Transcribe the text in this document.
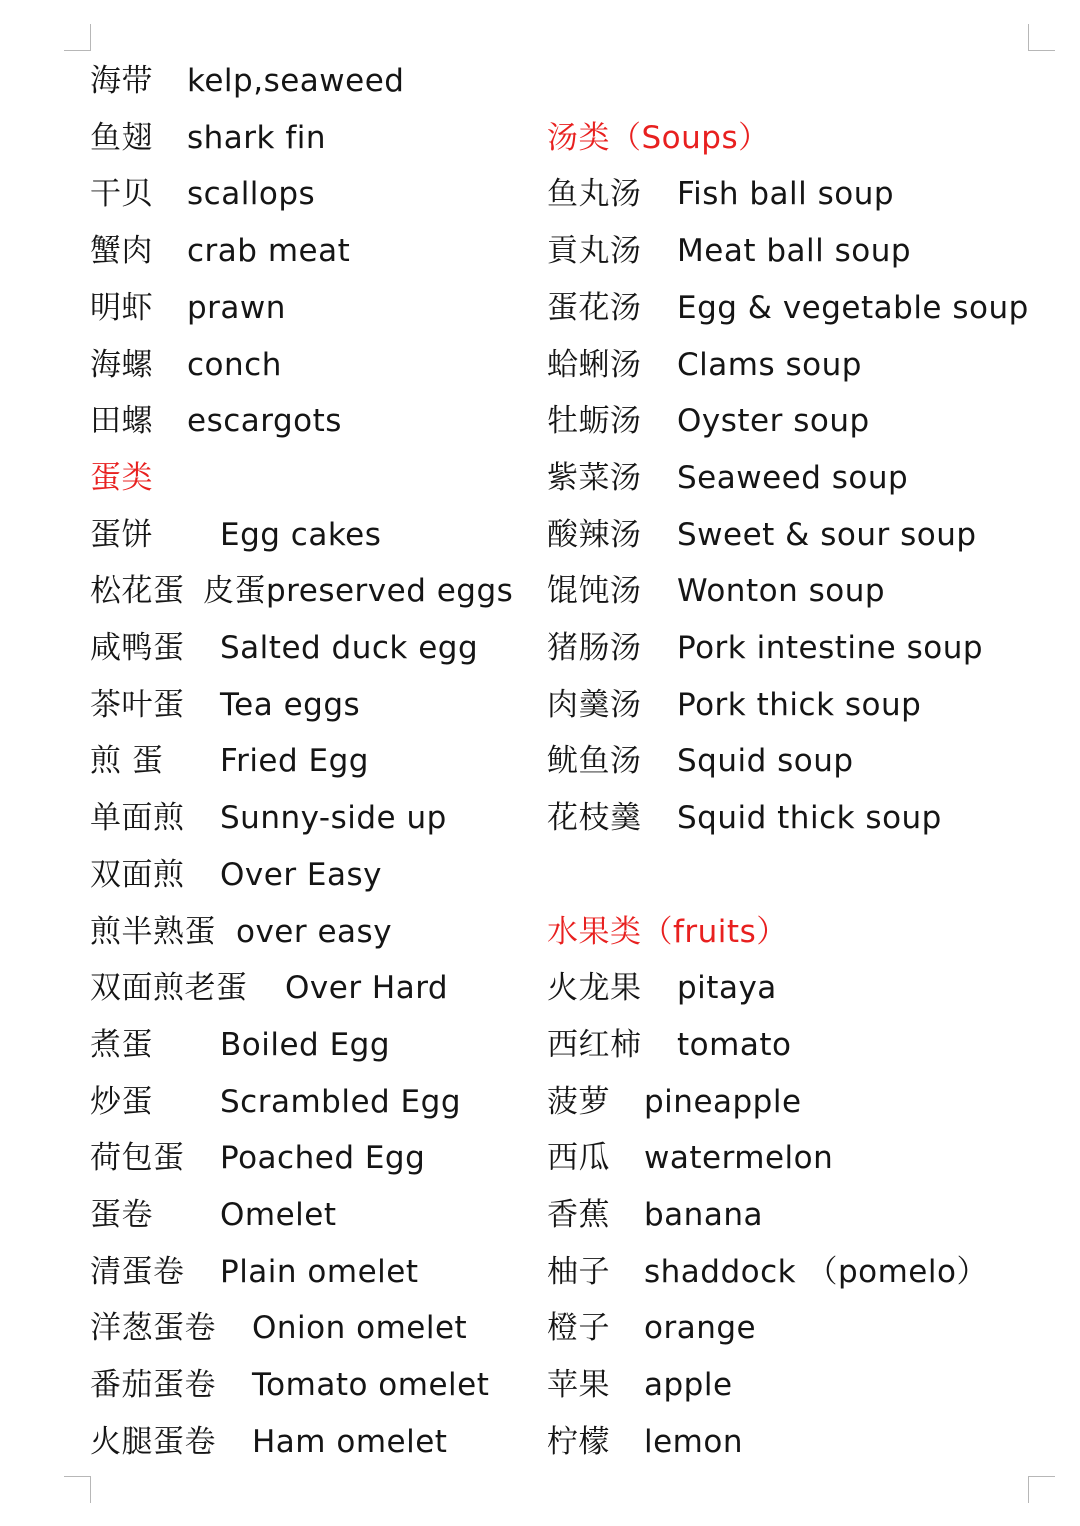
海带 kelp,seaweed
鱼翅 shark fin
干贝 scallops
蟹肉 crab meat
明虾 prawn
海螺 conch
田螺 escargots
蛋类
蛋饼 Egg cakes
松花蛋 皮蛋preserved eggs
咸鸭蛋 Salted duck egg
茶叶蛋 Tea eggs
煎 蛋 Fried Egg
单面煎 Sunny-side up
双面煎 Over Easy
煎半熟蛋 over easy
双面煎老蛋 Over Hard
煮蛋 Boiled Egg
炒蛋 Scrambled Egg
荷包蛋 Poached Egg
蛋卷 Omelet
清蛋卷 Plain omelet
洋葱蛋卷 Onion omelet
番茄蛋卷 Tomato omelet
火腿蛋卷 Ham omelet
汤类（Soups）
鱼丸汤 Fish ball soup
貢丸汤 Meat ball soup
蛋花汤 Egg & vegetable soup
蛤蜊汤 Clams soup
牡蛎汤 Oyster soup
紫菜汤 Seaweed soup
酸辣汤 Sweet & sour soup
馄饨汤 Wonton soup
猪肠汤 Pork intestine soup
肉羹汤 Pork thick soup
鱿鱼汤 Squid soup
花枝羹 Squid thick soup
水果类（fruits）
火龙果 pitaya
西红柿 tomato
菠萝 pineapple
西瓜 watermelon
香蕉 banana
柚子 shaddock （pomelo）
橙子 orange
苹果 apple
柠檬 lemon
